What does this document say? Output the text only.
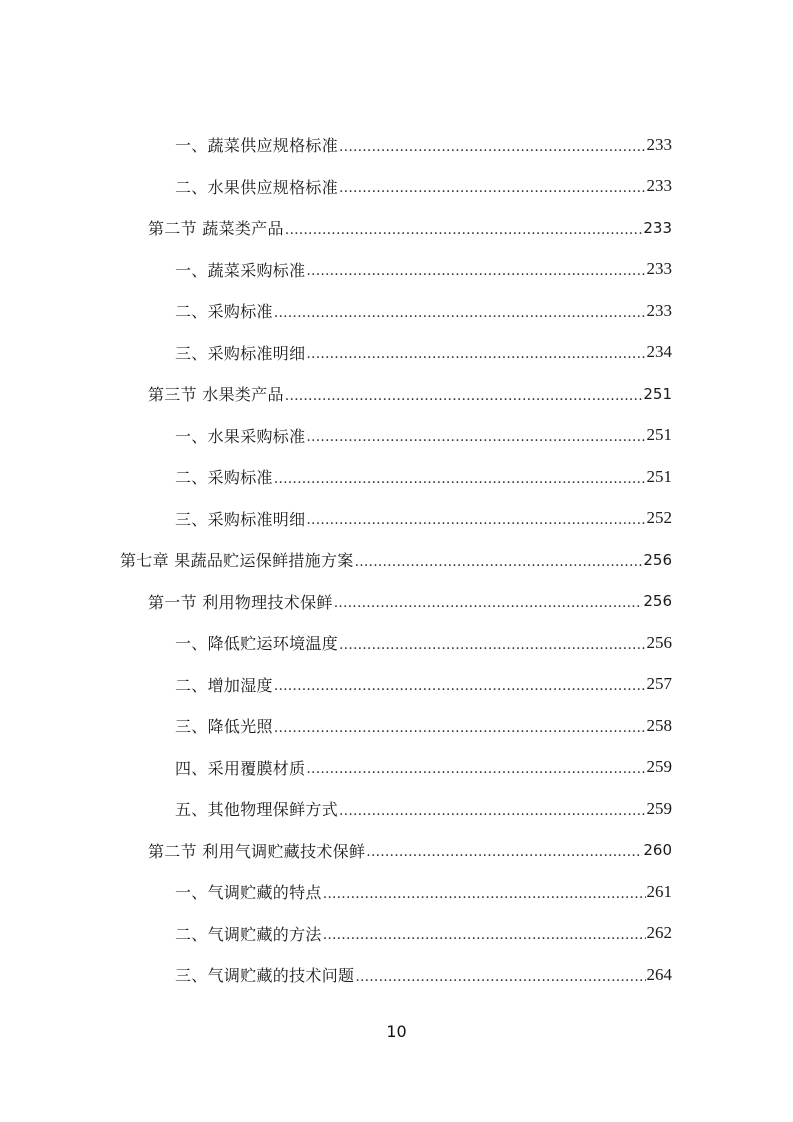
一、蔬菜供应规格标准 .....	233
二、水果供应规格标准 .....	233
第二节 蔬菜类产品 .....	233
一、蔬菜采购标准 .....	233
二、采购标准 .....	233
三、采购标准明细 .....	234
第三节 水果类产品 .....	251
一、水果采购标准 .....	251
二、采购标准 .....	251
三、采购标准明细 .....	252
第七章 果蔬品贮运保鲜措施方案 .....	256
第一节 利用物理技术保鲜 .....	256
一、降低贮运环境温度 .....	256
二、增加湿度 .....	257
三、降低光照 .....	258
四、采用覆膜材质 .....	259
五、其他物理保鲜方式 .....	259
第二节 利用气调贮藏技术保鲜 .....	260
一、气调贮藏的特点 .....	261
二、气调贮藏的方法 .....	262
三、气调贮藏的技术问题 .....	264
10
